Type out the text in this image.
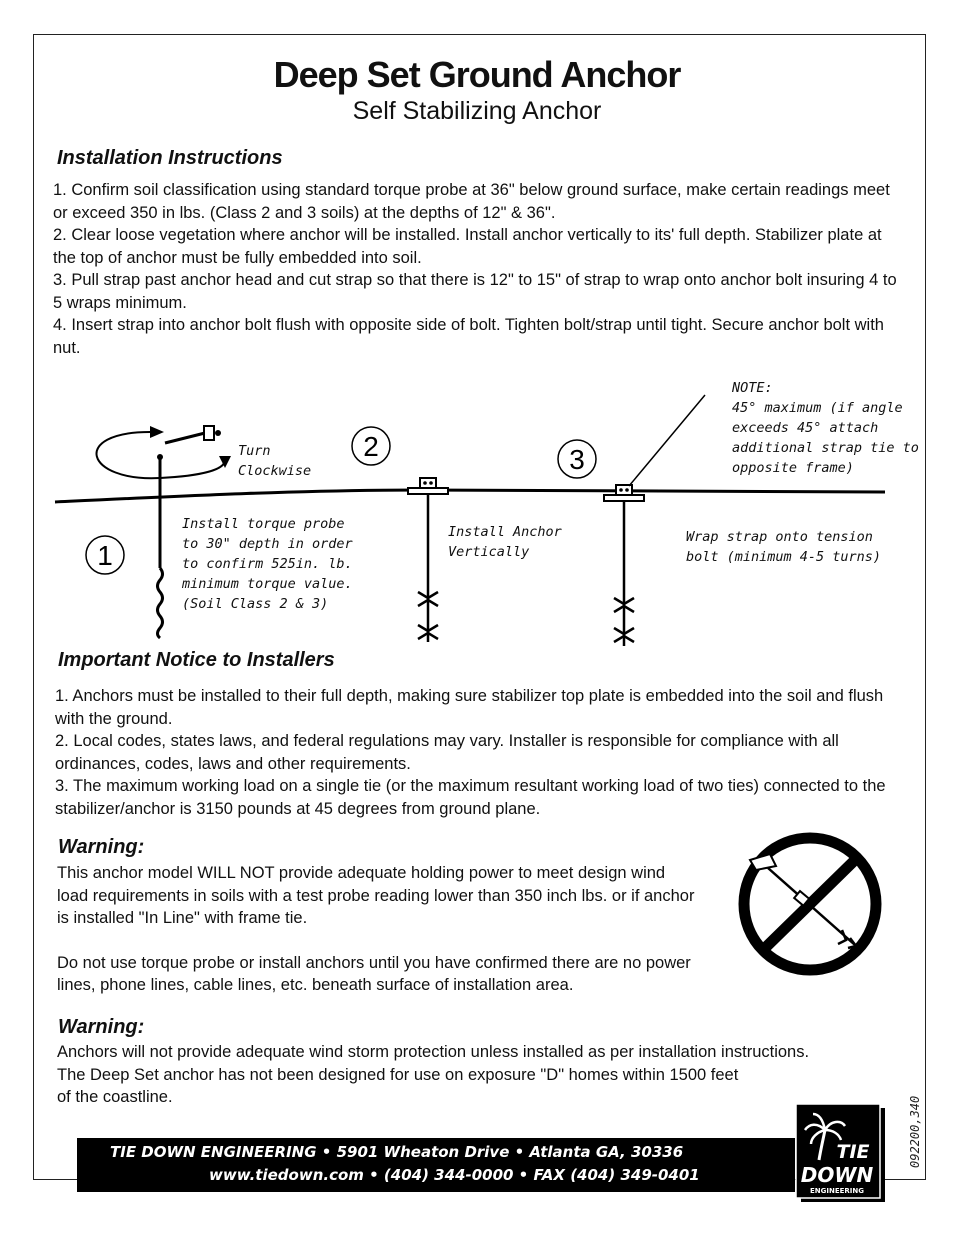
Deep Set Ground Anchor
Self Stabilizing Anchor
Installation Instructions

1. Confirm soil classification using standard torque probe at 36" below ground surface, make certain readings meet or exceed 350 in lbs. (Class 2 and 3 soils) at the depths of 12" & 36".

2. Clear loose vegetation where anchor will be installed. Install anchor vertically to its' full depth. Stabilizer plate at the top of anchor must be fully embedded into soil.

3. Pull strap past anchor head and cut strap so that there is 12" to 15" of strap to wrap onto anchor bolt insuring 4 to 5 wraps minimum.

4. Insert strap into anchor bolt flush with opposite side of bolt. Tighten bolt/strap until tight. Secure anchor bolt with nut.

1
2	3
Turn
Clockwise
Install torque probe
to 30" depth in order
to confirm 525in. lb.
minimum torque value.
(Soil Class 2 & 3)
Install Anchor
Vertically
Wrap strap onto tension
bolt (minimum 4-5 turns)
NOTE:
45° maximum (if angle
exceeds 45° attach
additional strap tie to
opposite frame)
Important Notice to Installers

1. Anchors must be installed to their full depth, making sure stabilizer top plate is embedded into the soil and flush with the ground.

2. Local codes, states laws, and federal regulations may vary. Installer is responsible for compliance with all ordinances, codes, laws and other requirements.

3. The maximum working load on a single tie (or the maximum resultant working load of two ties) connected to the stabilizer/anchor is 3150 pounds at 45 degrees from ground plane.

Warning:

This anchor model WILL NOT provide adequate holding power to meet design wind load requirements in soils with a test probe reading lower than 350 inch lbs. or if anchor is installed "In Line" with frame tie.

Do not use torque probe or install anchors until you have confirmed there are no power lines, phone lines, cable lines, etc. beneath surface of installation area.

Warning:

Anchors will not provide adequate wind storm protection unless installed as per installation instructions.

The Deep Set anchor has not been designed for use on exposure "D" homes within 1500 feet

of the coastline.

TIE DOWN ENGINEERING • 5901 Wheaton Drive • Atlanta GA, 30336
www.tiedown.com • (404) 344-0000 • FAX (404) 349-0401
TIE
DOWN
ENGINEERING
092200,340
